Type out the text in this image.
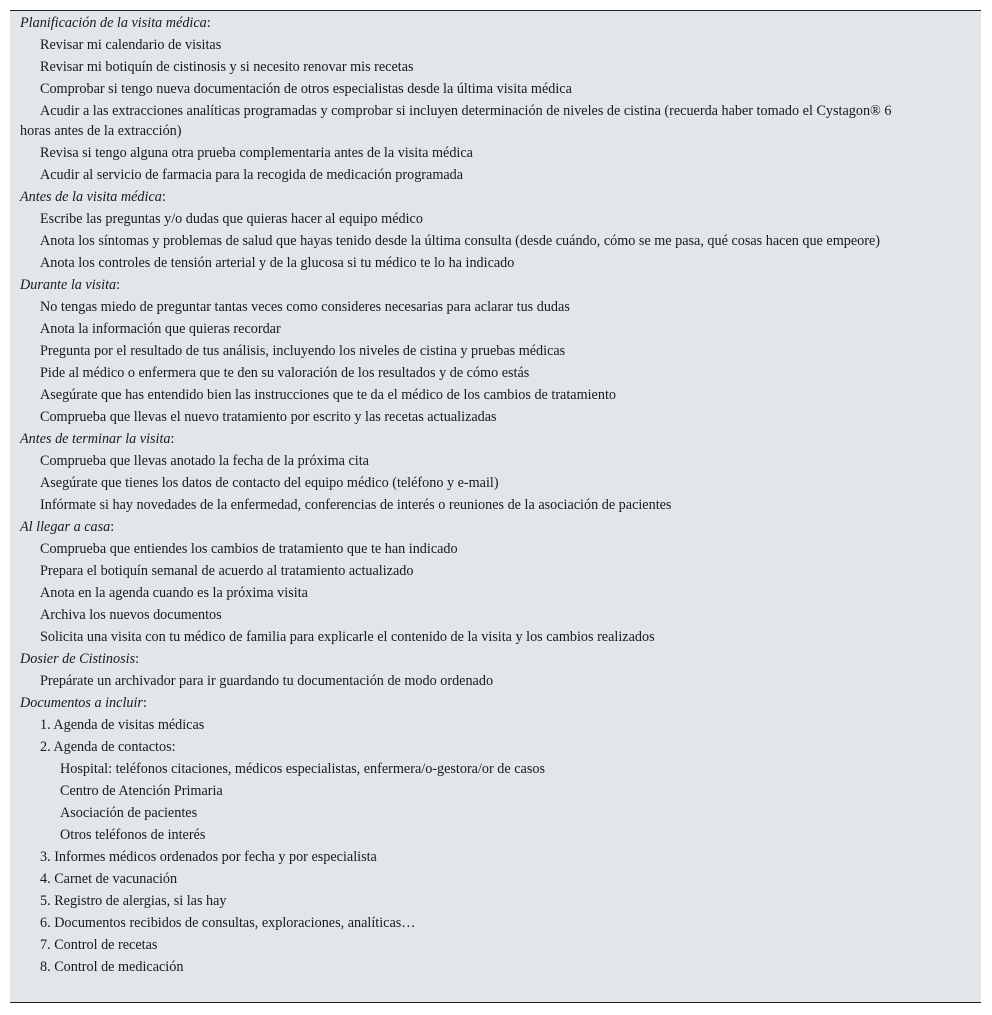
Planificación de la visita médica:
Revisar mi calendario de visitas
Revisar mi botiquín de cistinosis y si necesito renovar mis recetas
Comprobar si tengo nueva documentación de otros especialistas desde la última visita médica
Acudir a las extracciones analíticas programadas y comprobar si incluyen determinación de niveles de cistina (recuerda haber tomado el Cystagon® 6 horas antes de la extracción)
Revisa si tengo alguna otra prueba complementaria antes de la visita médica
Acudir al servicio de farmacia para la recogida de medicación programada
Antes de la visita médica:
Escribe las preguntas y/o dudas que quieras hacer al equipo médico
Anota los síntomas y problemas de salud que hayas tenido desde la última consulta (desde cuándo, cómo se me pasa, qué cosas hacen que empeore)
Anota los controles de tensión arterial y de la glucosa si tu médico te lo ha indicado
Durante la visita:
No tengas miedo de preguntar tantas veces como consideres necesarias para aclarar tus dudas
Anota la información que quieras recordar
Pregunta por el resultado de tus análisis, incluyendo los niveles de cistina y pruebas médicas
Pide al médico o enfermera que te den su valoración de los resultados y de cómo estás
Asegúrate que has entendido bien las instrucciones que te da el médico de los cambios de tratamiento
Comprueba que llevas el nuevo tratamiento por escrito y las recetas actualizadas
Antes de terminar la visita:
Comprueba que llevas anotado la fecha de la próxima cita
Asegúrate que tienes los datos de contacto del equipo médico (teléfono y e-mail)
Infórmate si hay novedades de la enfermedad, conferencias de interés o reuniones de la asociación de pacientes
Al llegar a casa:
Comprueba que entiendes los cambios de tratamiento que te han indicado
Prepara el botiquín semanal de acuerdo al tratamiento actualizado
Anota en la agenda cuando es la próxima visita
Archiva los nuevos documentos
Solicita una visita con tu médico de familia para explicarle el contenido de la visita y los cambios realizados
Dosier de Cistinosis:
Prepárate un archivador para ir guardando tu documentación de modo ordenado
Documentos a incluir:
1. Agenda de visitas médicas
2. Agenda de contactos:
Hospital: teléfonos citaciones, médicos especialistas, enfermera/o-gestora/or de casos
Centro de Atención Primaria
Asociación de pacientes
Otros teléfonos de interés
3. Informes médicos ordenados por fecha y por especialista
4. Carnet de vacunación
5. Registro de alergias, si las hay
6. Documentos recibidos de consultas, exploraciones, analíticas…
7. Control de recetas
8. Control de medicación
